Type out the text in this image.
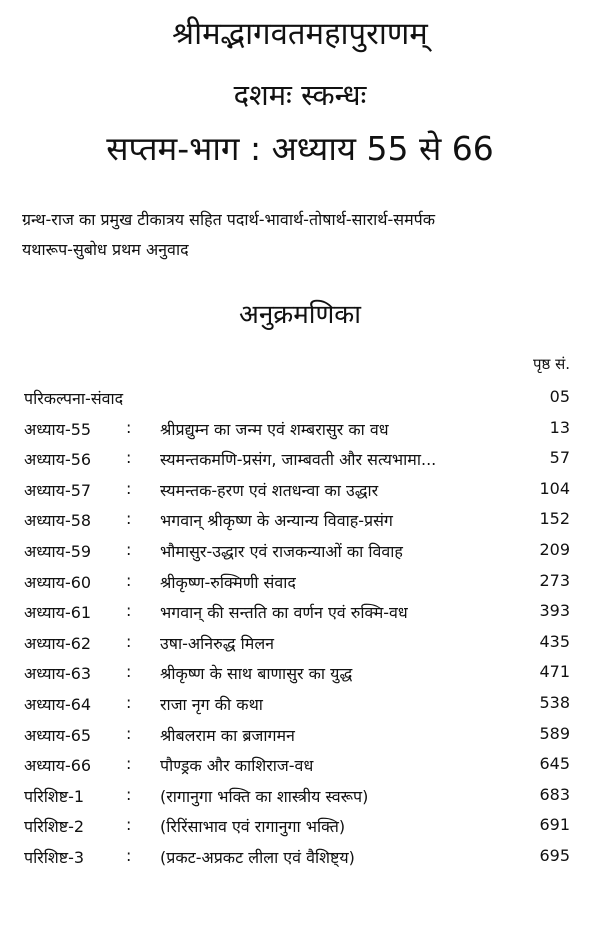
श्रीमद्भागवतमहापुराणम्
दशमः स्कन्धः
सप्तम-भाग : अध्याय 55 से 66
ग्रन्थ-राज का प्रमुख टीकात्रय सहित पदार्थ-भावार्थ-तोषार्थ-सारार्थ-समर्पक
यथारूप-सुबोध प्रथम अनुवाद
अनुक्रमणिका
पृष्ठ सं.
परिकल्पना-संवाद	05
अध्याय-55 : श्रीप्रद्युम्न का जन्म एवं शम्बरासुर का वध	13
अध्याय-56 : स्यमन्तकमणि-प्रसंग, जाम्बवती और सत्यभामा...	57
अध्याय-57 : स्यमन्तक-हरण एवं शतधन्वा का उद्धार	104
अध्याय-58 : भगवान् श्रीकृष्ण के अन्यान्य विवाह-प्रसंग	152
अध्याय-59 : भौमासुर-उद्धार एवं राजकन्याओं का विवाह	209
अध्याय-60 : श्रीकृष्ण-रुक्मिणी संवाद	273
अध्याय-61 : भगवान् की सन्तति का वर्णन एवं रुक्मि-वध	393
अध्याय-62 : उषा-अनिरुद्ध मिलन	435
अध्याय-63 : श्रीकृष्ण के साथ बाणासुर का युद्ध	471
अध्याय-64 : राजा नृग की कथा	538
अध्याय-65 : श्रीबलराम का ब्रजागमन	589
अध्याय-66 : पौण्ड्रक और काशिराज-वध	645
परिशिष्ट-1	: (रागानुगा भक्ति का शास्त्रीय स्वरूप)	683
परिशिष्ट-2	: (रिरिंसाभाव एवं रागानुगा भक्ति)	691
परिशिष्ट-3	: (प्रकट-अप्रकट लीला एवं वैशिष्ट्य)	695
